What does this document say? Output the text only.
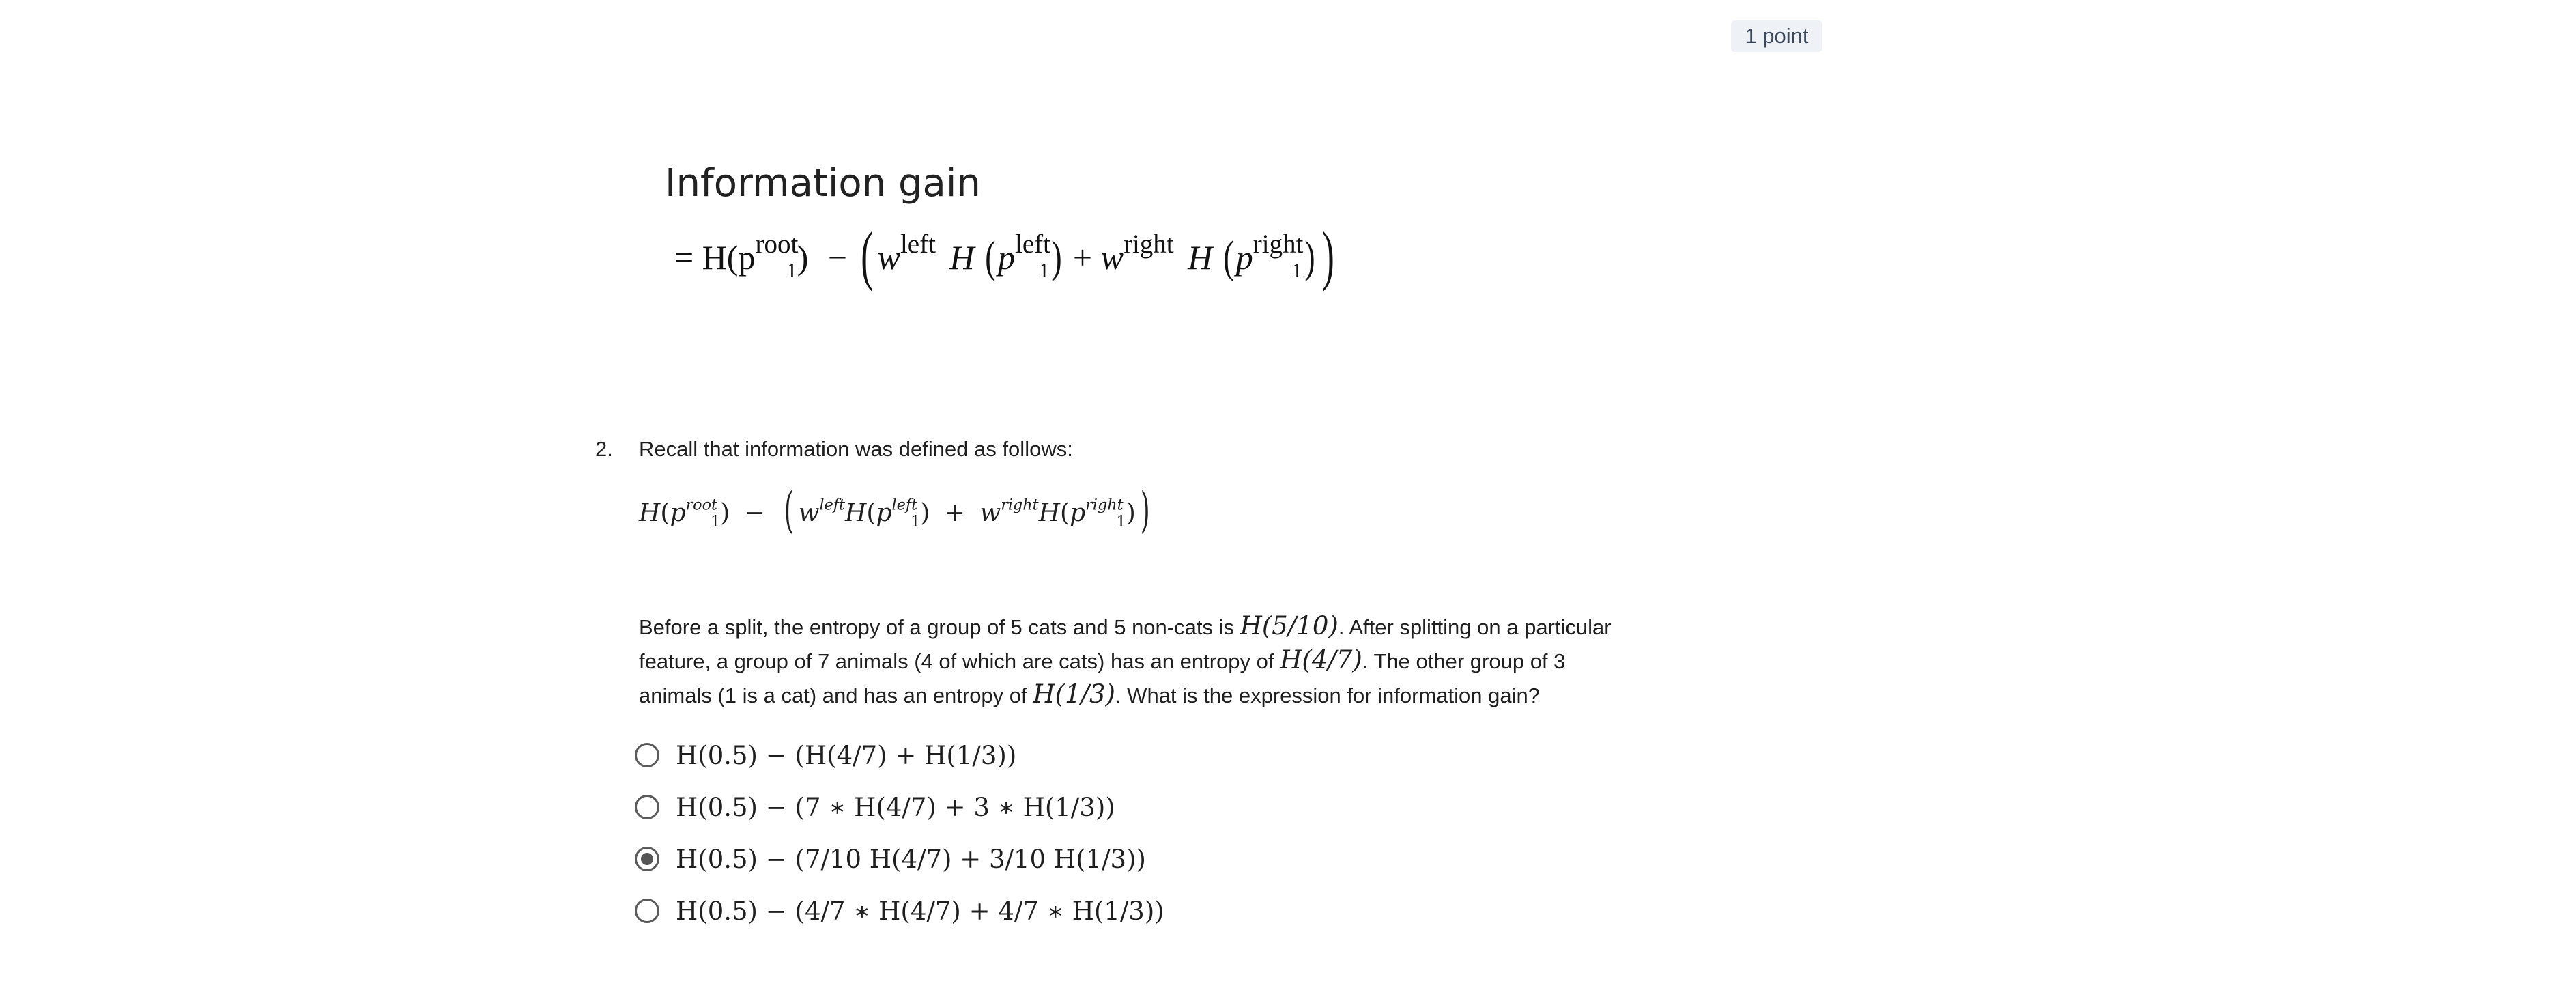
1 point
Information gain
= $H(p^{root}_1)$ − ( $w^{left}$ H $(p^{left}_1) + w^{right}$ H $(p^{right}_1)$ )
2. Recall that information was defined as follows:
$H(p^{root}_1)$ − ( $w^{left}H(p^{left}_1) + w^{right}H(p^{right}_1)$)
Before a split, the entropy of a group of 5 cats and 5 non-cats is H(5/10). After splitting on a particular feature, a group of 7 animals (4 of which are cats) has an entropy of H(4/7). The other group of 3 animals (1 is a cat) and has an entropy of H(1/3). What is the expression for information gain?
H(0.5) − (H(4/7) + H(1/3))
H(0.5) − (7 ∗ H(4/7) + 3 ∗ H(1/3))
H(0.5) − (7/10 H(4/7) + 3/10 H(1/3))
H(0.5) − (4/7 ∗ H(4/7) + 4/7 ∗ H(1/3))
